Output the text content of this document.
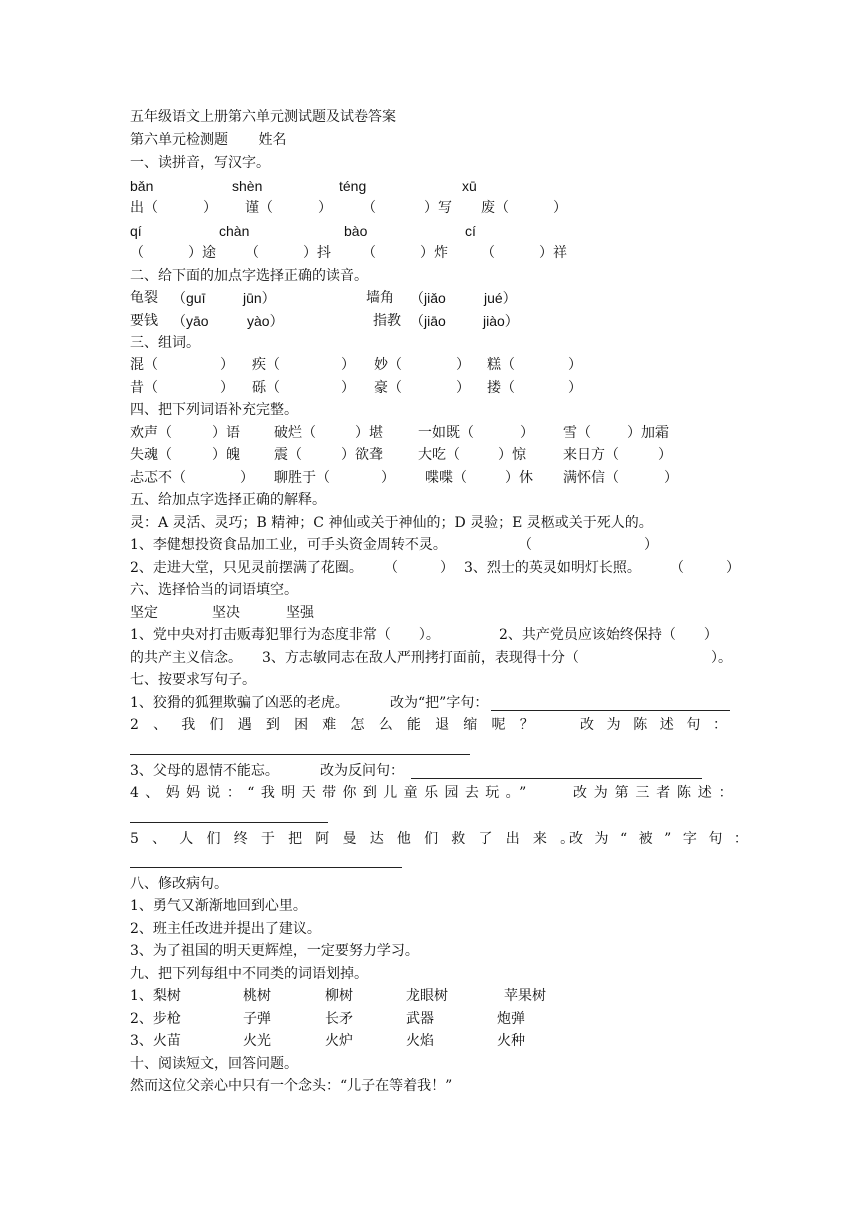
五年级语文上册第六单元测试题及试卷答案
第六单元检测题 姓名
一、读拼音，写汉字。
bǎn	shèn	ténɡ	xū
出（	） 谨（	） （	）写 废（	）
qí	chàn	bào	cí
（	）途 （	）抖 （	）炸 （	）祥
二、给下面的加点字选择正确的读音。
龟裂 （ɡuī	jūn）	墙角 （jiǎo	jué）
要钱 （yāo	yào）	指教 （jiāo	jiào）
三、组词。
混（	） 疾（	） 妙（	） 糕（	）
昔（	） 砾（	） 豪（	） 搂（	）
四、把下列词语补充完整。
欢声（	）语 破烂（	）堪	一如既（	） 雪（	）加霜
失魂（	）魄 震（	）欲聋	大吃（	）惊	来日方（	）
忐忑不（	） 聊胜于（	） 喋喋（	）休 满怀信（	）
五、给加点字选择正确的解释。
灵：A 灵活、灵巧；B 精神；C 神仙或关于神仙的；D 灵验；E 灵柩或关于死人的。
1、李健想投资食品加工业，可手头资金周转不灵。	（　　　　　　　　）
2、走进大堂，只见灵前摆满了花圈。 （　　　） 3、烈士的英灵如明灯长照。 （　　　）
六、选择恰当的词语填空。
坚定	坚决	坚强
1、党中央对打击贩毒犯罪行为态度非常（　　）。	2、共产党员应该始终保持（　　）
的共产主义信念。 3、方志敏同志在敌人严刑拷打面前，表现得十分（	）。
七、按要求写句子。
1、狡猾的狐狸欺骗了凶恶的老虎。	改为“把”字句：
2、我们遇到困难怎么能退缩呢？ 改为陈述句：
3、父母的恩情不能忘。	改为反问句：
4、妈妈说：“我明天带你到儿童乐园去玩。”	改为第三者陈述：
5、人们终于把阿曼达他们救了出来。
改为“被”字句：
八、修改病句。
1、勇气又渐渐地回到心里。
2、班主任改进并提出了建议。
3、为了祖国的明天更辉煌，一定要努力学习。
九、把下列每组中不同类的词语划掉。
1、梨树	桃树	柳树	龙眼树	苹果树
2、步枪	子弹	长矛	武器	炮弹
3、火苗	火光	火炉	火焰	火种
十、阅读短文，回答问题。
然而这位父亲心中只有一个念头：“儿子在等着我！”
